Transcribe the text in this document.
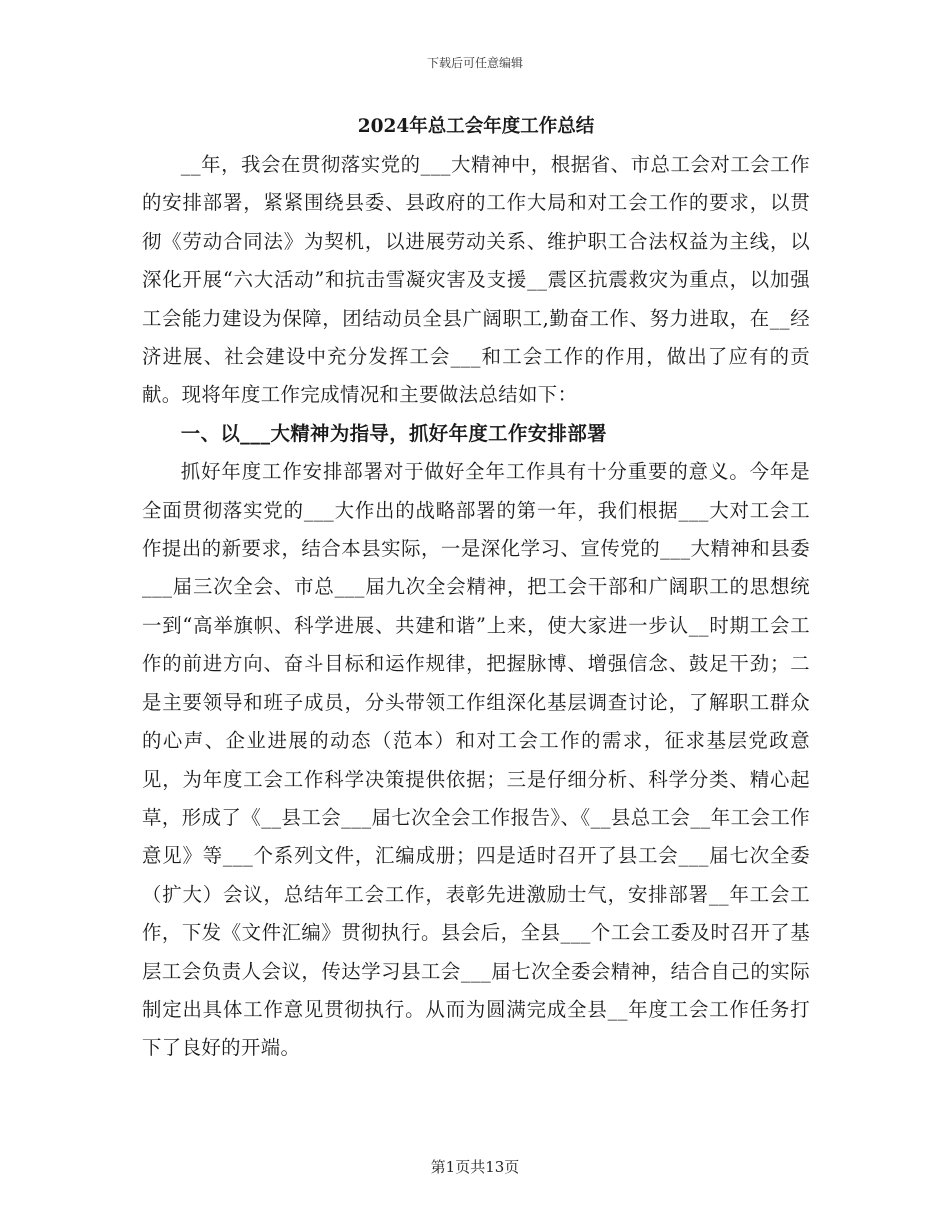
下载后可任意编辑
2024年总工会年度工作总结

__年，我会在贯彻落实党的___大精神中，根据省、市总工会对工会工作的安排部署，紧紧围绕县委、县政府的工作大局和对工会工作的要求，以贯彻《劳动合同法》为契机，以进展劳动关系、维护职工合法权益为主线，以深化开展“六大活动”和抗击雪凝灾害及支援__震区抗震救灾为重点，以加强工会能力建设为保障，团结动员全县广阔职工,勤奋工作、努力进取，在__经济进展、社会建设中充分发挥工会___和工会工作的作用，做出了应有的贡献。现将年度工作完成情况和主要做法总结如下：

一、以___大精神为指导，抓好年度工作安排部署

抓好年度工作安排部署对于做好全年工作具有十分重要的意义。今年是全面贯彻落实党的___大作出的战略部署的第一年，我们根据___大对工会工作提出的新要求，结合本县实际，一是深化学习、宣传党的___大精神和县委___届三次全会、市总___届九次全会精神，把工会干部和广阔职工的思想统一到“高举旗帜、科学进展、共建和谐”上来，使大家进一步认__时期工会工作的前进方向、奋斗目标和运作规律，把握脉博、增强信念、鼓足干劲；二是主要领导和班子成员，分头带领工作组深化基层调查讨论，了解职工群众的心声、企业进展的动态（范本）和对工会工作的需求，征求基层党政意见，为年度工会工作科学决策提供依据；三是仔细分析、科学分类、精心起草，形成了《__县工会___届七次全会工作报告》、《__县总工会__年工会工作意见》等___个系列文件，汇编成册；四是适时召开了县工会___届七次全委（扩大）会议，总结年工会工作，表彰先进激励士气，安排部署__年工会工作，下发《文件汇编》贯彻执行。县会后，全县___个工会工委及时召开了基层工会负责人会议，传达学习县工会___届七次全委会精神，结合自己的实际制定出具体工作意见贯彻执行。从而为圆满完成全县__年度工会工作任务打下了良好的开端。

第1页共13页
